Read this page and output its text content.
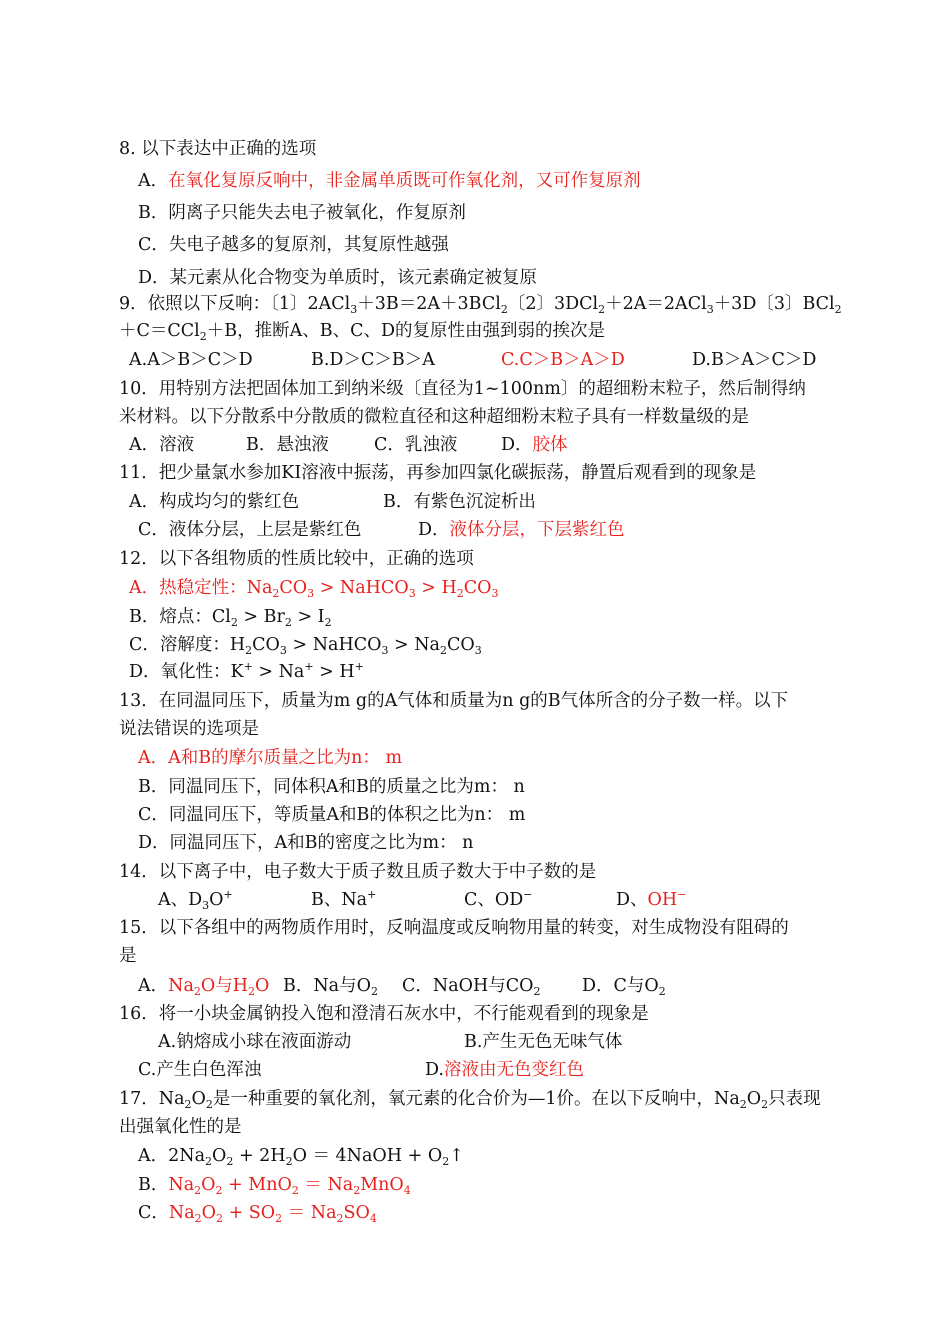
8. 以下表达中正确的选项
A．在氧化复原反响中，非金属单质既可作氧化剂，又可作复原剂
B．阴离子只能失去电子被氧化，作复原剂
C．失电子越多的复原剂，其复原性越强
D．某元素从化合物变为单质时，该元素确定被复原
9．依照以下反响：〔1〕2ACl$_3$＋3B＝2A＋3BCl$_2$〔2〕3DCl$_2$＋2A＝2ACl$_3$＋3D〔3〕BCl$_2$
＋C＝CCl$_2$＋B，推断A、B、C、D的复原性由强到弱的挨次是
A.A＞B＞C＞D	B.D＞C＞B＞A	C.C＞B＞A＞D	D.B＞A＞C＞D
10．用特别方法把固体加工到纳米级〔直径为1~100nm〕的超细粉末粒子，然后制得纳
米材料。以下分散系中分散质的微粒直径和这种超细粉末粒子具有一样数量级的是
A．溶液	B．悬浊液	C．乳浊液 D．胶体
11．把少量氯水参加KI溶液中振荡，再参加四氯化碳振荡，静置后观看到的现象是
A．构成均匀的紫红色	B．有紫色沉淀析出
C．液体分层，上层是紫红色	D．液体分层，下层紫红色
12．以下各组物质的性质比较中，正确的选项
A．热稳定性：$Na_2CO_3$ > NaHCO$_3$ > $H_2CO_3$
B．熔点：$Cl_2 > Br_2 > I_2$
C．溶解度：$H_2CO_3$ > NaHCO$_3$ > $Na_2CO_3$
D．氧化性：K+ > Na+ > H+
13．在同温同压下，质量为m g的A气体和质量为n g的B气体所含的分子数一样。以下
说法错误的选项是
A．A和B的摩尔质量之比为n： m
B．同温同压下，同体积A和B的质量之比为m： n
C．同温同压下，等质量A和B的体积之比为n： m
D．同温同压下，A和B的密度之比为m： n
14．以下离子中，电子数大于质子数且质子数大于中子数的是
A、$D_3O^+$	B、Na+	C、OD−	D、OH−
15．以下各组中的两物质作用时，反响温度或反响物用量的转变，对生成物没有阻碍的
是
A．$Na_2O$与$H_2O$ B．Na与$O_2$ C．NaOH与$CO_2$ D．C与$O_2$
16．将一小块金属钠投入饱和澄清石灰水中，不行能观看到的现象是
A.钠熔成小球在液面游动	B.产生无色无味气体
C.产生白色浑浊	D.溶液由无色变红色
17．$Na_2O_2$是一种重要的氧化剂，氧元素的化合价为—1价。在以下反响中，$Na_2O_2$只表现
出强氧化性的是
A．$2Na_2O_2 + 2H_2O$ ＝ 4NaOH + $O_2↑$
B．$Na_2O_2 + MnO_2 = Na_2MnO_4$
C．$Na_2O_2 + SO_2 = Na_2SO_4$
